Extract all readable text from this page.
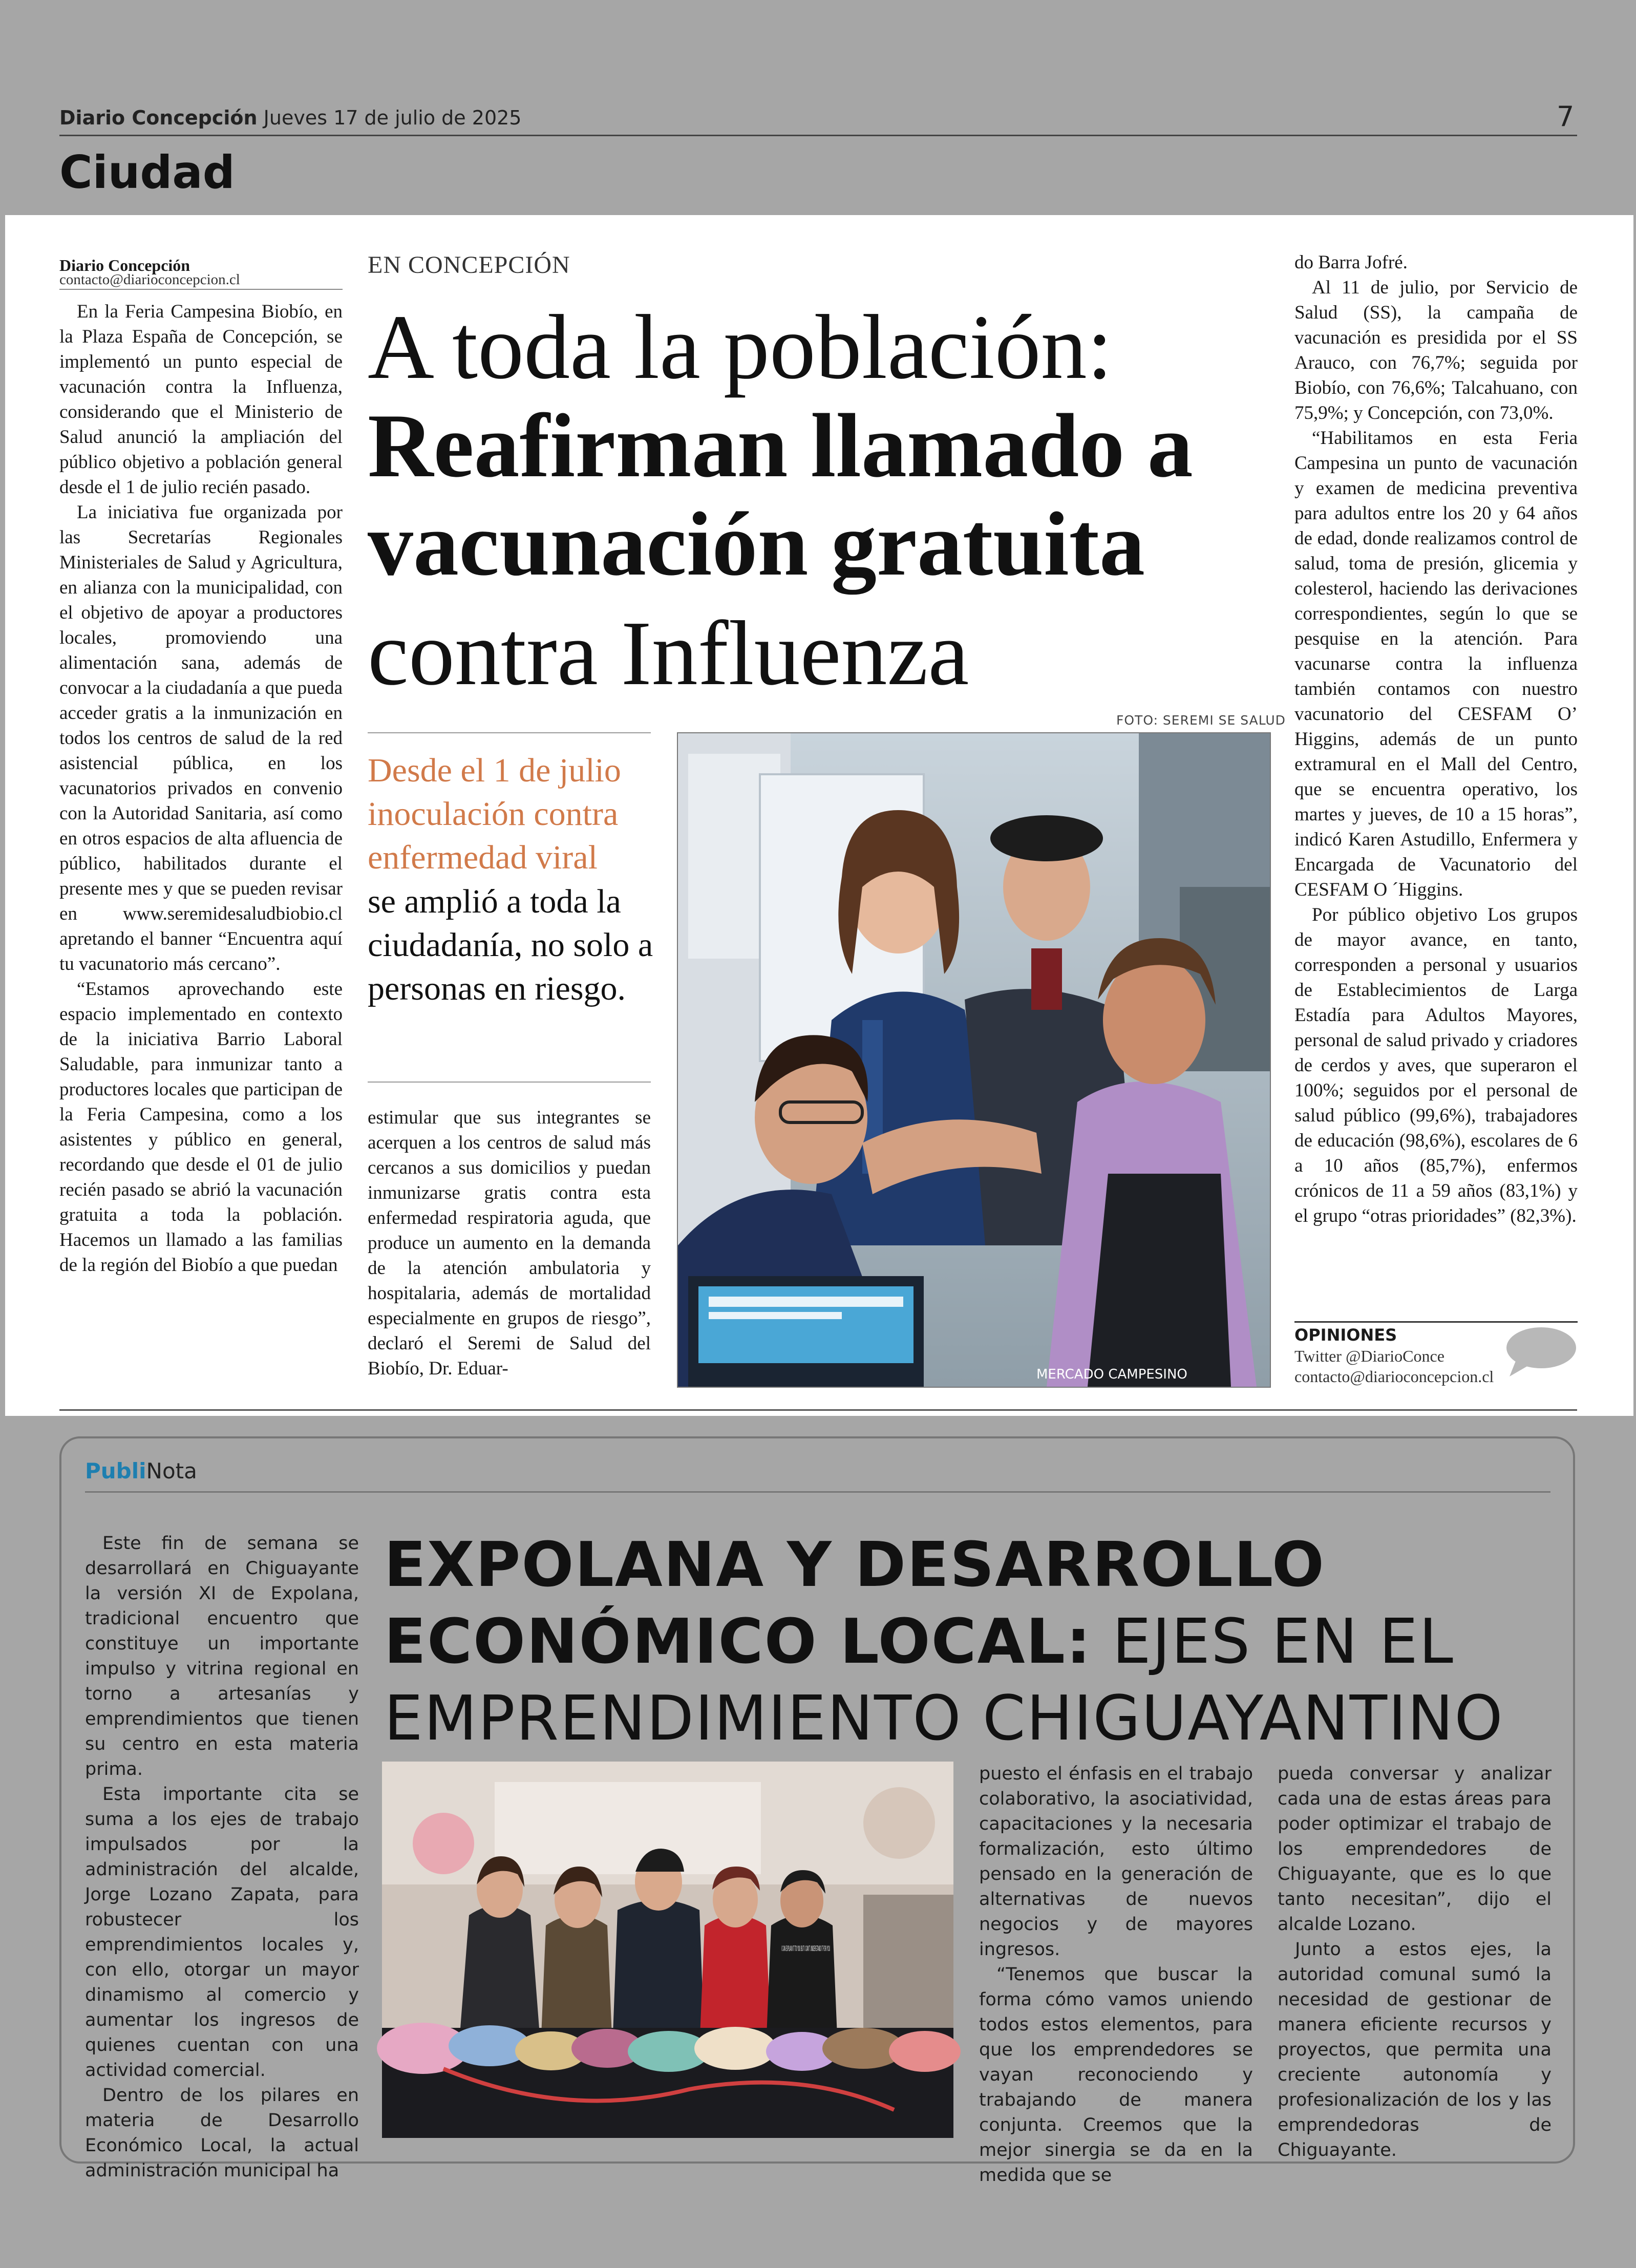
Diario Concepción Jueves 17 de julio de 2025	7
Ciudad
Diario Concepción
contacto@diarioconcepcion.cl

En la Feria Campesina Biobío, en la Plaza España de Concepción, se implementó un punto especial de vacunación contra la Influenza, considerando que el Ministerio de Salud anunció la ampliación del público objetivo a población general desde el 1 de julio recién pasado.

La iniciativa fue organizada por las Secretarías Regionales Ministeriales de Salud y Agricultura, en alianza con la municipalidad, con el objetivo de apoyar a productores locales, promoviendo una alimentación sana, además de convocar a la ciudadanía a que pueda acceder gratis a la inmunización en todos los centros de salud de la red asistencial pública, en los vacunatorios privados en convenio con la Autoridad Sanitaria, así como en otros espacios de alta afluencia de público, habilitados durante el presente mes y que se pueden revisar en www.seremidesaludbiobio.cl apretando el banner “Encuentra aquí tu vacunatorio más cercano”.

“Estamos aprovechando este espacio implementado en contexto de la iniciativa Barrio Laboral Saludable, para inmunizar tanto a productores locales que participan de la Feria Campesina, como a los asistentes y público en general, recordando que desde el 01 de julio recién pasado se abrió la vacunación gratuita a toda la población. Hacemos un llamado a las familias de la región del Biobío a que puedan

EN CONCEPCIÓN
A toda la población:
Reafirman llamado a
vacunación gratuita
contra Influenza
Desde el 1 de julio inoculación contra enfermedad viral
se amplió a toda la ciudadanía, no solo a personas en riesgo.

estimular que sus integrantes se acerquen a los centros de salud más cercanos a sus domicilios y puedan inmunizarse gratis contra esta enfermedad respiratoria aguda, que produce un aumento en la demanda de la atención ambulatoria y hospitalaria, además de mortalidad especialmente en grupos de riesgo”, declaró el Seremi de Salud del Biobío, Dr. Eduar-

FOTO: SEREMI SE SALUD
MERCADO CAMPESINO

do Barra Jofré.

Al 11 de julio, por Servicio de Salud (SS), la campaña de vacunación es presidida por el SS Arauco, con 76,7%; seguida por Biobío, con 76,6%; Talcahuano, con 75,9%; y Concepción, con 73,0%.

“Habilitamos en esta Feria Campesina un punto de vacunación y examen de medicina preventiva para adultos entre los 20 y 64 años de edad, donde realizamos control de salud, toma de presión, glicemia y colesterol, haciendo las derivaciones correspondientes, según lo que se pesquise en la atención. Para vacunarse contra la influenza también contamos con nuestro vacunatorio del CESFAM O’ Higgins, además de un punto extramural en el Mall del Centro, que se encuentra operativo, los martes y jueves, de 10 a 15 horas”, indicó Karen Astudillo, Enfermera y Encargada de Vacunatorio del CESFAM O ´Higgins.

Por público objetivo Los grupos de mayor avance, en tanto, corresponden a personal y usuarios de Establecimientos de Larga Estadía para Adultos Mayores, personal de salud privado y criadores de cerdos y aves, que superaron el 100%; seguidos por el personal de salud público (99,6%), trabajadores de educación (98,6%), escolares de 6 a 10 años (85,7%), enfermos crónicos de 11 a 59 años (83,1%) y el grupo “otras prioridades” (82,3%).

OPINIONES
Twitter @DiarioConce
contacto@diarioconcepcion.cl
PubliNota
EXPOLANA Y DESARROLLO
ECONÓMICO LOCAL: EJES EN EL
EMPRENDIMIENTO CHIGUAYANTINO

Este fin de semana se desarrollará en Chiguayante la versión XI de Expolana, tradicional encuentro que constituye un importante impulso y vitrina regional en torno a artesanías y emprendimientos que tienen su centro en esta materia prima.

Esta importante cita se suma a los ejes de trabajo impulsados por la administración del alcalde, Jorge Lozano Zapata, para robustecer los emprendimientos locales y, con ello, otorgar un mayor dinamismo al comercio y aumentar los ingresos de quienes cuentan con una actividad comercial.

Dentro de los pilares en materia de Desarrollo Económico Local, la actual administración municipal ha

I CAN EXPLAIN IT TO YOU BUT I CAN'T UNDERSTAND IT FOR YOU

puesto el énfasis en el trabajo colaborativo, la asociatividad, capacitaciones y la necesaria formalización, esto último pensado en la generación de alternativas de nuevos negocios y de mayores ingresos.

“Tenemos que buscar la forma cómo vamos uniendo todos estos elementos, para que los emprendedores se vayan reconociendo y trabajando de manera conjunta. Creemos que la mejor sinergia se da en la medida que se

pueda conversar y analizar cada una de estas áreas para poder optimizar el trabajo de los emprendedores de Chiguayante, que es lo que tanto necesitan”, dijo el alcalde Lozano.

Junto a estos ejes, la autoridad comunal sumó la necesidad de gestionar de manera eficiente recursos y proyectos, que permita una creciente autonomía y profesionalización de los y las emprendedoras de Chiguayante.
